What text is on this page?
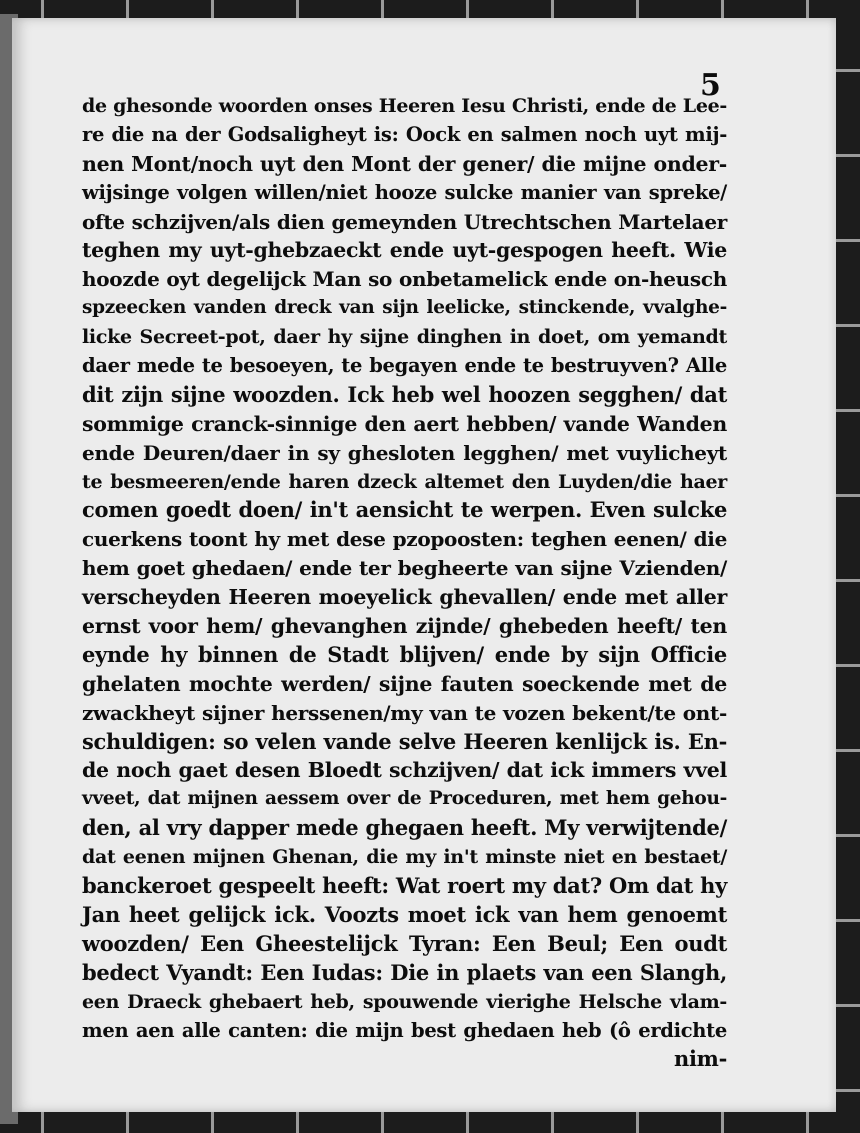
5
de ghesonde woorden onses Heeren Iesu Christi, ende de Lee-
re die na der Godsaligheyt is: Oock en salmen noch uyt mij-
nen Mont/noch uyt den Mont der gener/ die mijne onder-
wijsinge volgen willen/niet hooze sulcke manier van spreke/
ofte schzijven/als dien gemeynden Utrechtschen Martelaer
teghen my uyt-ghebzaeckt ende uyt-gespogen heeft. Wie
hoozde oyt degelijck Man so onbetamelick ende on-heusch
spzeecken vanden dreck van sijn leelicke, stinckende, vvalghe-
licke Secreet-pot, daer hy sijne dinghen in doet, om yemandt
daer mede te besoeyen, te begayen ende te bestruyven? Alle
dit zijn sijne woozden. Ick heb wel hoozen segghen/ dat
sommige cranck-sinnige den aert hebben/ vande Wanden
ende Deuren/daer in sy ghesloten legghen/ met vuylicheyt
te besmeeren/ende haren dzeck altemet den Luyden/die haer
comen goedt doen/ in't aensicht te werpen. Even sulcke
cuerkens toont hy met dese pzopoosten: teghen eenen/ die
hem goet ghedaen/ ende ter begheerte van sijne Vzienden/
verscheyden Heeren moeyelick ghevallen/ ende met aller
ernst voor hem/ ghevanghen zijnde/ ghebeden heeft/ ten
eynde hy binnen de Stadt blijven/ ende by sijn Officie
ghelaten mochte werden/ sijne fauten soeckende met de
zwackheyt sijner herssenen/my van te vozen bekent/te ont-
schuldigen: so velen vande selve Heeren kenlijck is. En-
de noch gaet desen Bloedt schzijven/ dat ick immers vvel
vveet, dat mijnen aessem over de Proceduren, met hem gehou-
den, al vry dapper mede ghegaen heeft. My verwijtende/
dat eenen mijnen Ghenan, die my in't minste niet en bestaet/
banckeroet gespeelt heeft: Wat roert my dat? Om dat hy
Jan heet gelijck ick. Voozts moet ick van hem genoemt
woozden/ Een Gheestelijck Tyran: Een Beul; Een oudt
bedect Vyandt: Een Iudas: Die in plaets van een Slangh,
een Draeck ghebaert heb, spouwende vierighe Helsche vlam-
men aen alle canten: die mijn best ghedaen heb (ô erdichte
nim-
